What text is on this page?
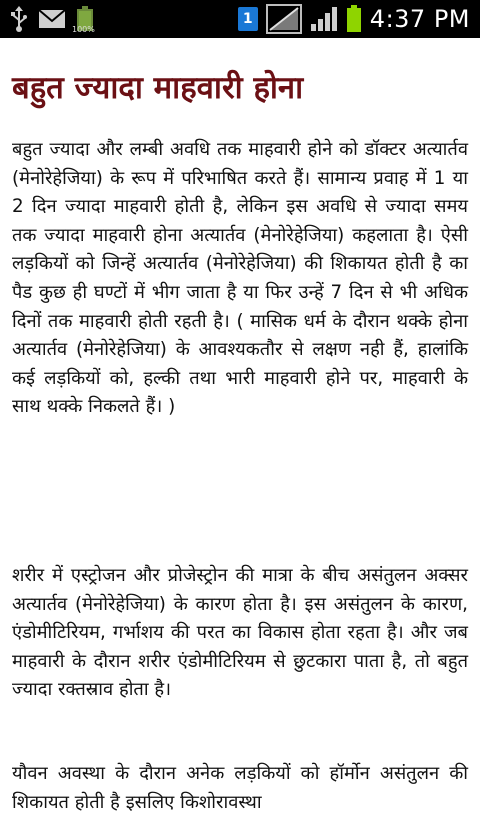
100%
1	4:37 PM
बहुत ज्यादा माहवारी होना

बहुत ज्यादा और लम्बी अवधि तक माहवारी होने को डॉक्टर अत्यार्तव (मेनोरेहेजिया) के रूप में परिभाषित करते हैं। सामान्य प्रवाह में 1 या 2 दिन ज्यादा माहवारी होती है, लेकिन इस अवधि से ज्यादा समय तक ज्यादा माहवारी होना अत्यार्तव (मेनोरेहेजिया) कहलाता है। ऐसी लड़कियों को जिन्हें अत्यार्तव (मेनोरेहेजिया) की शिकायत होती है का पैड कुछ ही घण्टों में भीग जाता है या फिर उन्हें 7 दिन से भी अधिक दिनों तक माहवारी होती रहती है। ( मासिक धर्म के दौरान थक्के होना अत्यार्तव (मेनोरेहेजिया) के आवश्यकतौर से लक्षण नही हैं, हालांकि कई लड़कियों को, हल्की तथा भारी माहवारी होने पर, माहवारी के साथ थक्के निकलते हैं। )

शरीर में एस्ट्रोजन और प्रोजेस्ट्रोन की मात्रा के बीच असंतुलन अक्सर अत्यार्तव (मेनोरेहेजिया) के कारण होता है। इस असंतुलन के कारण, एंडोमीटिरियम, गर्भाशय की परत का विकास होता रहता है। और जब माहवारी के दौरान शरीर एंडोमीटिरियम से छुटकारा पाता है, तो बहुत ज्यादा रक्तस्राव होता है।

यौवन अवस्था के दौरान अनेक लड़कियों को हॉर्मोन असंतुलन की शिकायत होती है इसलिए किशोरावस्था
